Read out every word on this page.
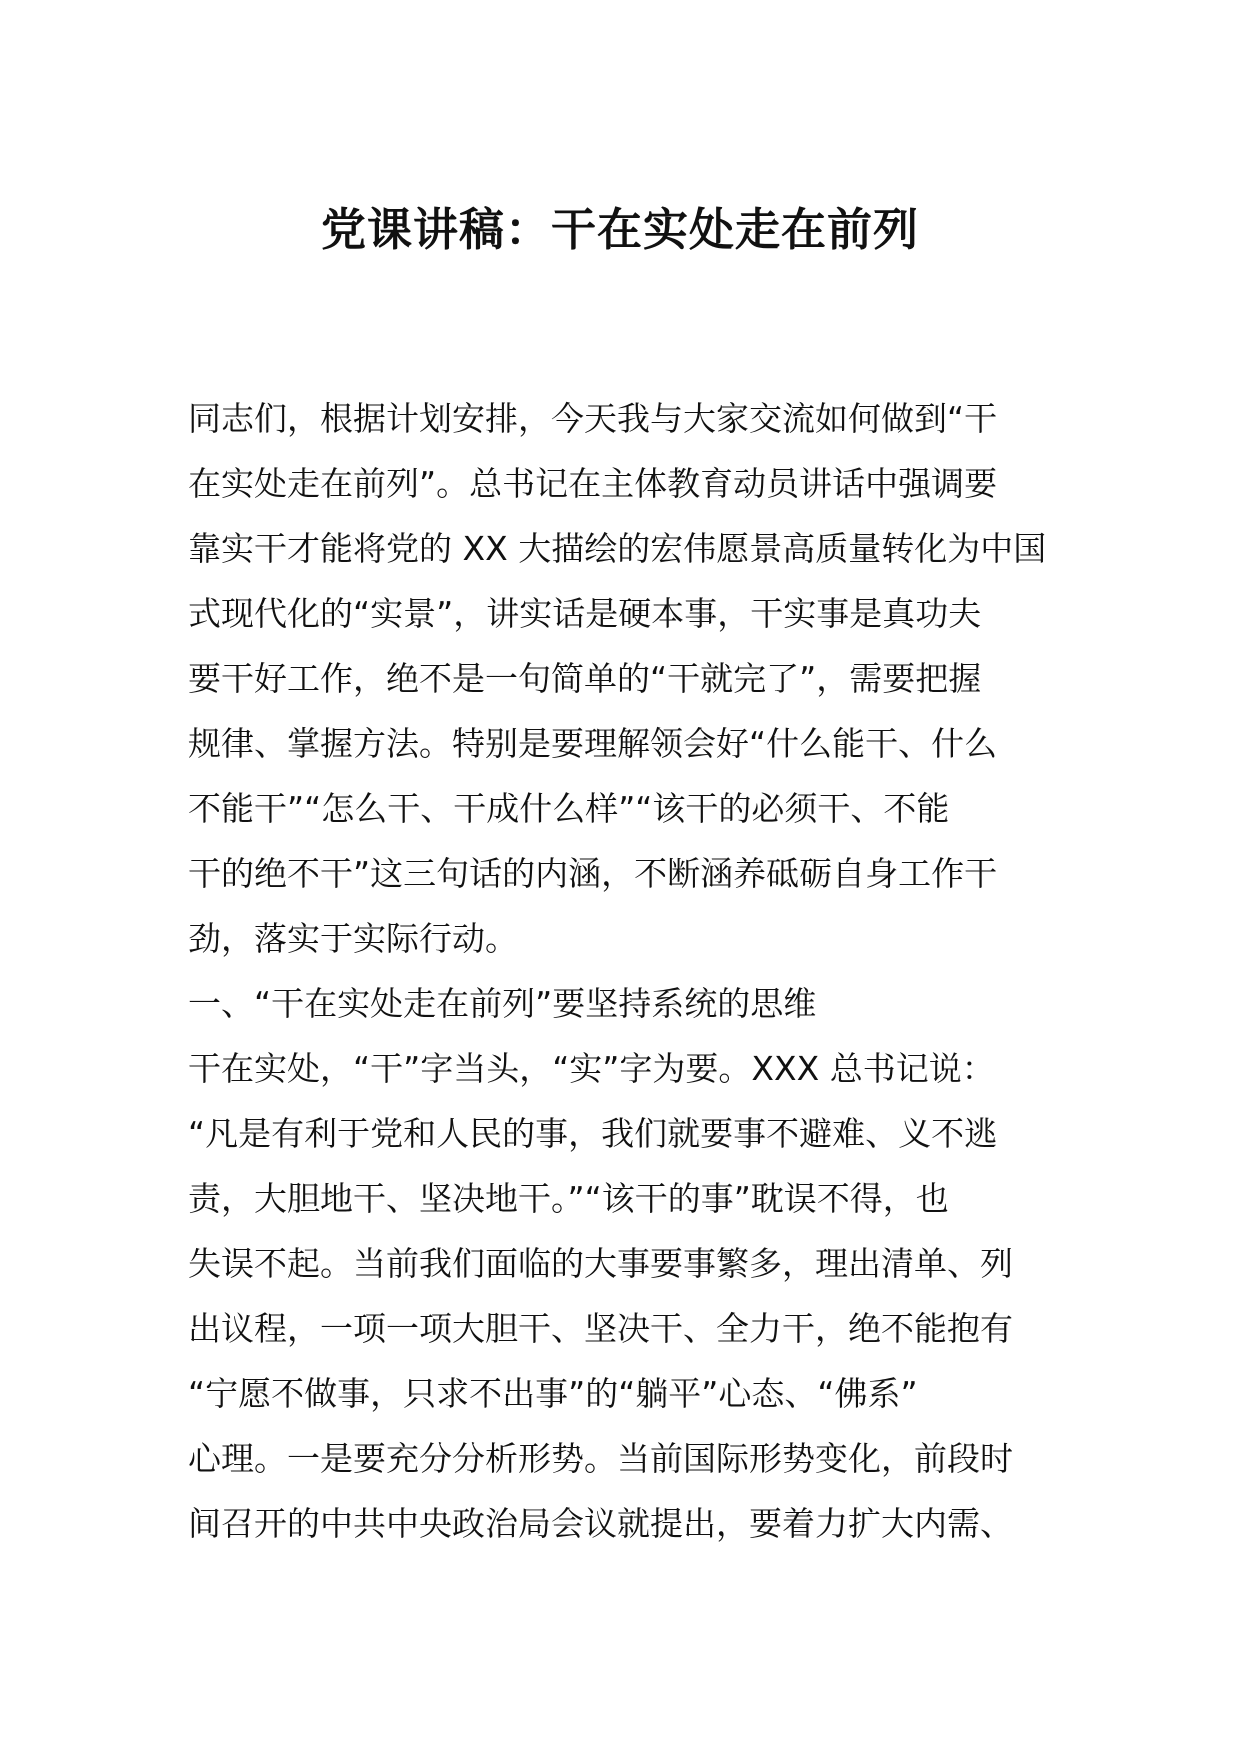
党课讲稿：干在实处走在前列
同志们，根据计划安排，今天我与大家交流如何做到“干
在实处走在前列”。总书记在主体教育动员讲话中强调要
靠实干才能将党的 XX 大描绘的宏伟愿景高质量转化为中国
式现代化的“实景”，讲实话是硬本事，干实事是真功夫
要干好工作，绝不是一句简单的“干就完了”，需要把握
规律、掌握方法。特别是要理解领会好“什么能干、什么
不能干”“怎么干、干成什么样”“该干的必须干、不能
干的绝不干”这三句话的内涵，不断涵养砥砺自身工作干
劲，落实于实际行动。
一、“干在实处走在前列”要坚持系统的思维
干在实处，“干”字当头，“实”字为要。XXX 总书记说：
“凡是有利于党和人民的事，我们就要事不避难、义不逃
责，大胆地干、坚决地干。”“该干的事”耽误不得，也
失误不起。当前我们面临的大事要事繁多，理出清单、列
出议程，一项一项大胆干、坚决干、全力干，绝不能抱有
“宁愿不做事，只求不出事”的“躺平”心态、“佛系”
心理。一是要充分分析形势。当前国际形势变化，前段时
间召开的中共中央政治局会议就提出，要着力扩大内需、
